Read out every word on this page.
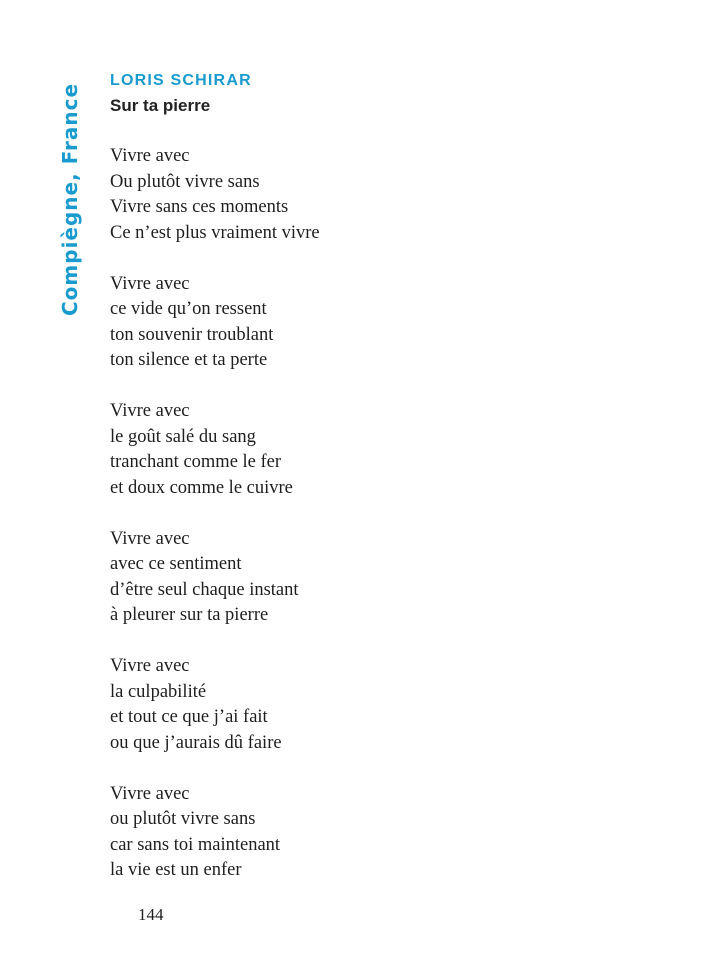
Compiègne, France
LORIS SCHIRAR
Sur ta pierre
Vivre avec
Ou plutôt vivre sans
Vivre sans ces moments
Ce n’est plus vraiment vivre
Vivre avec
ce vide qu’on ressent
ton souvenir troublant
ton silence et ta perte
Vivre avec
le goût salé du sang
tranchant comme le fer
et doux comme le cuivre
Vivre avec
avec ce sentiment
d’être seul chaque instant
à pleurer sur ta pierre
Vivre avec
la culpabilité
et tout ce que j’ai fait
ou que j’aurais dû faire
Vivre avec
ou plutôt vivre sans
car sans toi maintenant
la vie est un enfer
144
